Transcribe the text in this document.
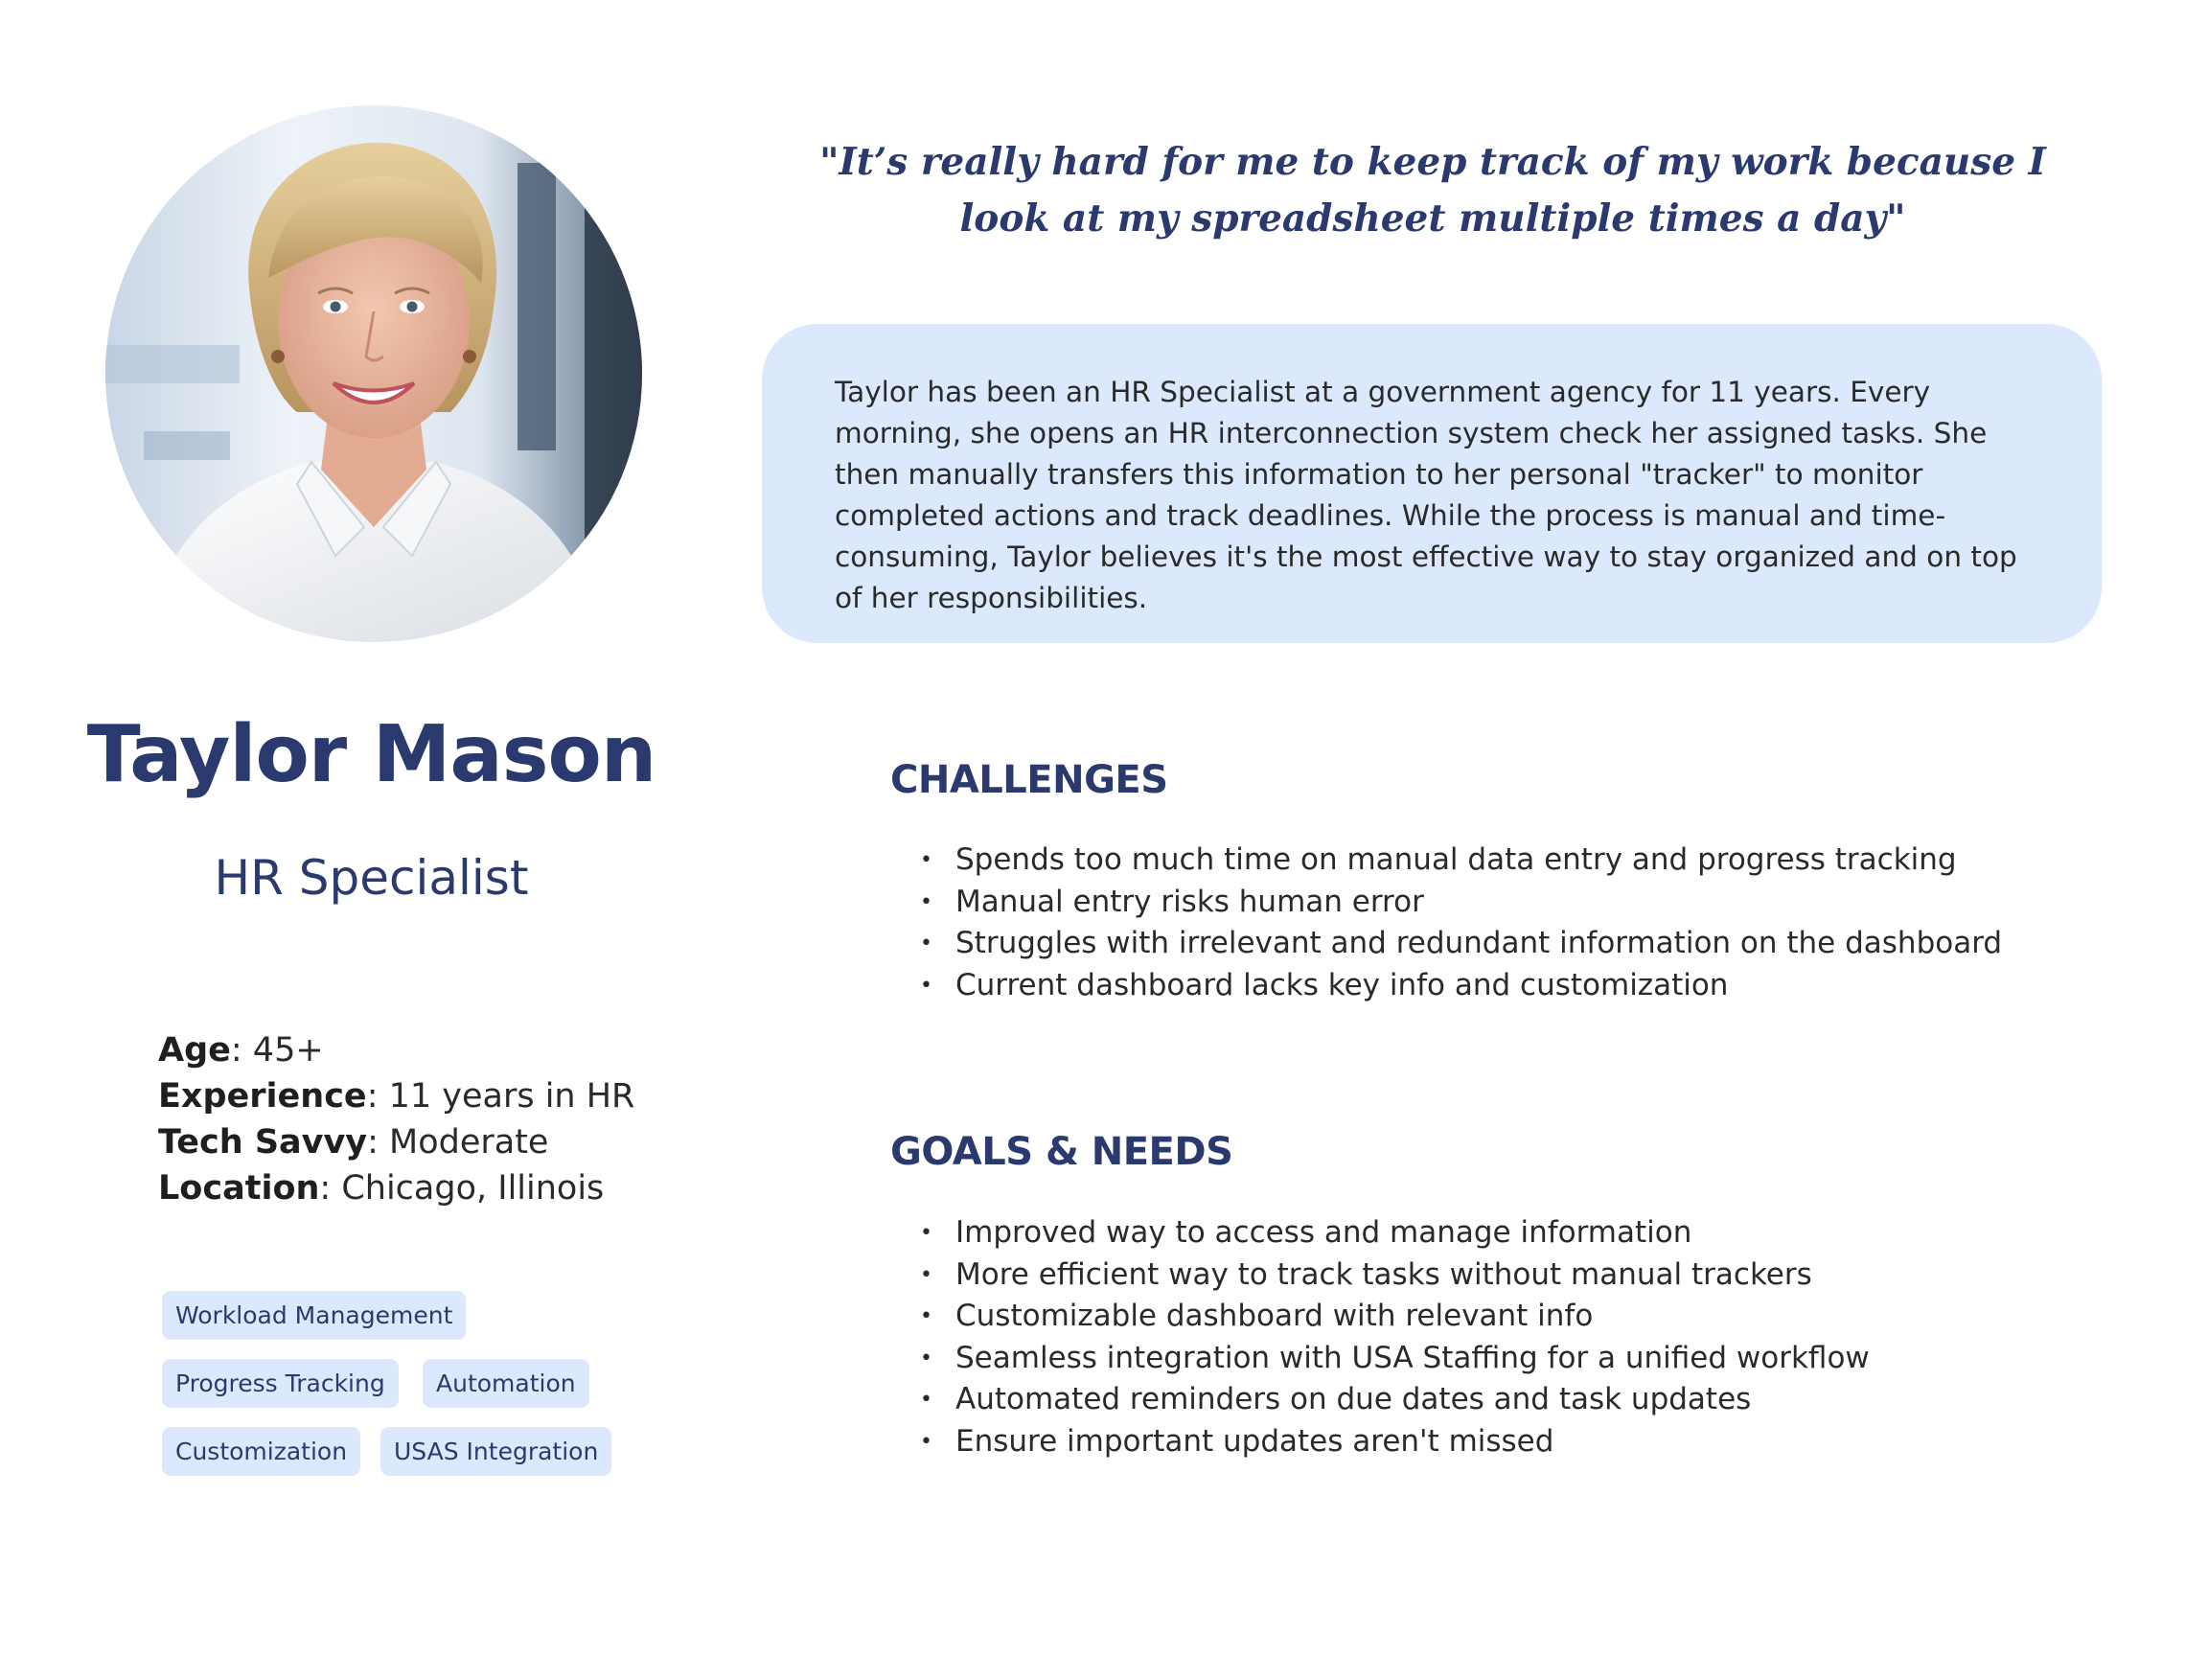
Taylor Mason
HR Specialist
Age: 45+
Experience: 11 years in HR
Tech Savvy: Moderate
Location: Chicago, Illinois
Workload Management
Progress Tracking	Automation
Customization	USAS Integration
"It’s really hard for me to keep track of my work because I look at my spreadsheet multiple times a day"
Taylor has been an HR Specialist at a government agency for 11 years. Every morning, she opens an HR interconnection system check her assigned tasks. She then manually transfers this information to her personal "tracker" to monitor completed actions and track deadlines. While the process is manual and time-consuming, Taylor believes it's the most effective way to stay organized and on top of her responsibilities.
CHALLENGES
• Spends too much time on manual data entry and progress tracking
• Manual entry risks human error
• Struggles with irrelevant and redundant information on the dashboard
• Current dashboard lacks key info and customization
GOALS & NEEDS
• Improved way to access and manage information
• More efficient way to track tasks without manual trackers
• Customizable dashboard with relevant info
• Seamless integration with USA Staffing for a unified workflow
• Automated reminders on due dates and task updates
• Ensure important updates aren't missed
